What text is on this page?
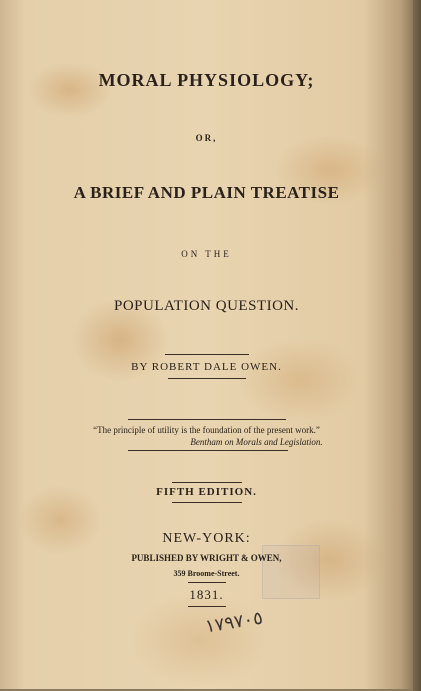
MORAL PHYSIOLOGY;
OR,
A BRIEF AND PLAIN TREATISE
ON THE
POPULATION QUESTION.
BY ROBERT DALE OWEN.
“The principle of utility is the foundation of the present work.”
Bentham on Morals and Legislation.
FIFTH EDITION.
NEW-YORK:
PUBLISHED BY WRIGHT & OWEN,
359 Broome-Street.
1831.
١٧٩٧٠٥
